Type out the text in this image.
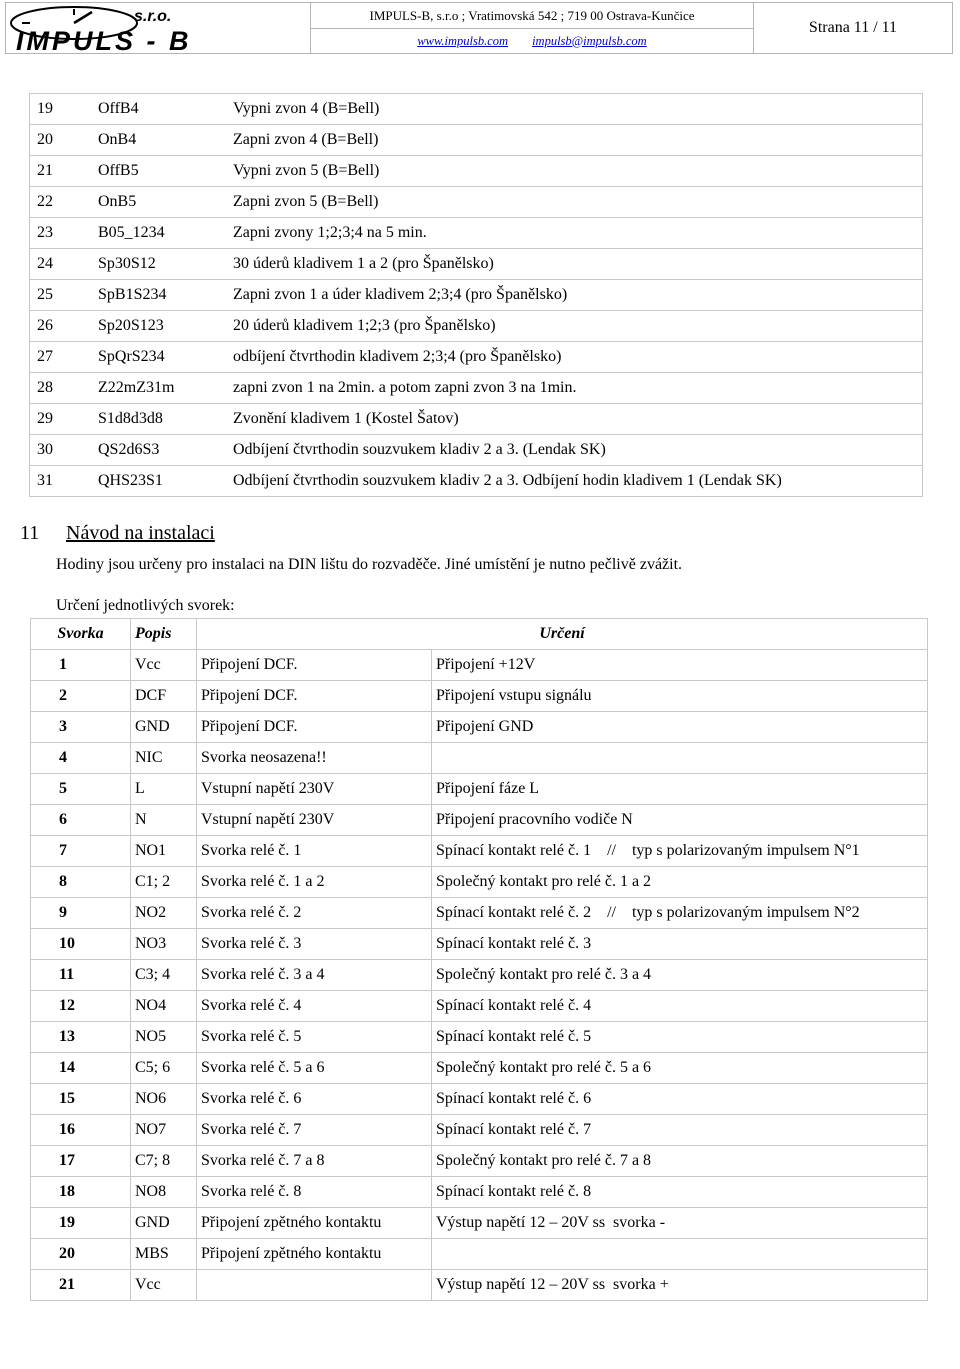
IMPULS - B
s.r.o.	IMPULS-B, s.r.o ; Vratimovská 542 ; 719 00 Ostrava-Kunčice
www.impulsb.com impulsb@impulsb.com
Strana 11 / 11
19	OffB4	Vypni zvon 4 (B=Bell)
20	OnB4	Zapni zvon 4 (B=Bell)
21	OffB5	Vypni zvon 5 (B=Bell)
22	OnB5	Zapni zvon 5 (B=Bell)
23	B05_1234	Zapni zvony 1;2;3;4 na 5 min.
24	Sp30S12	30 úderů kladivem 1 a 2 (pro Španělsko)
25	SpB1S234	Zapni zvon 1 a úder kladivem 2;3;4 (pro Španělsko)
26	Sp20S123	20 úderů kladivem 1;2;3 (pro Španělsko)
27	SpQrS234	odbíjení čtvrthodin kladivem 2;3;4 (pro Španělsko)
28	Z22mZ31m	zapni zvon 1 na 2min. a potom zapni zvon 3 na 1min.
29	S1d8d3d8	Zvonění kladivem 1 (Kostel Šatov)
30	QS2d6S3	Odbíjení čtvrthodin souzvukem kladiv 2 a 3. (Lendak SK)
31	QHS23S1	Odbíjení čtvrthodin souzvukem kladiv 2 a 3. Odbíjení hodin kladivem 1 (Lendak SK)
11 Návod na instalaci
Hodiny jsou určeny pro instalaci na DIN lištu do rozvaděče. Jiné umístění je nutno pečlivě zvážit.
Určení jednotlivých svorek:
Svorka	Popis	Určení	
1	Vcc	Připojení DCF.	Připojení +12V
2	DCF	Připojení DCF.	Připojení vstupu signálu
3	GND	Připojení DCF.	Připojení GND
4	NIC	Svorka neosazena!!	
5	L	Vstupní napětí 230V	Připojení fáze L
6	N	Vstupní napětí 230V	Připojení pracovního vodiče N
7	NO1	Svorka relé č. 1	Spínací kontakt relé č. 1    //    typ s polarizovaným impulsem N°1
8	C1; 2	Svorka relé č. 1 a 2	Společný kontakt pro relé č. 1 a 2
9	NO2	Svorka relé č. 2	Spínací kontakt relé č. 2    //    typ s polarizovaným impulsem N°2
10	NO3	Svorka relé č. 3	Spínací kontakt relé č. 3
11	C3; 4	Svorka relé č. 3 a 4	Společný kontakt pro relé č. 3 a 4
12	NO4	Svorka relé č. 4	Spínací kontakt relé č. 4
13	NO5	Svorka relé č. 5	Spínací kontakt relé č. 5
14	C5; 6	Svorka relé č. 5 a 6	Společný kontakt pro relé č. 5 a 6
15	NO6	Svorka relé č. 6	Spínací kontakt relé č. 6
16	NO7	Svorka relé č. 7	Spínací kontakt relé č. 7
17	C7; 8	Svorka relé č. 7 a 8	Společný kontakt pro relé č. 7 a 8
18	NO8	Svorka relé č. 8	Spínací kontakt relé č. 8
19	GND	Připojení zpětného kontaktu	Výstup napětí 12 – 20V ss  svorka -
20	MBS	Připojení zpětného kontaktu	
21	Vcc		Výstup napětí 12 – 20V ss  svorka +
